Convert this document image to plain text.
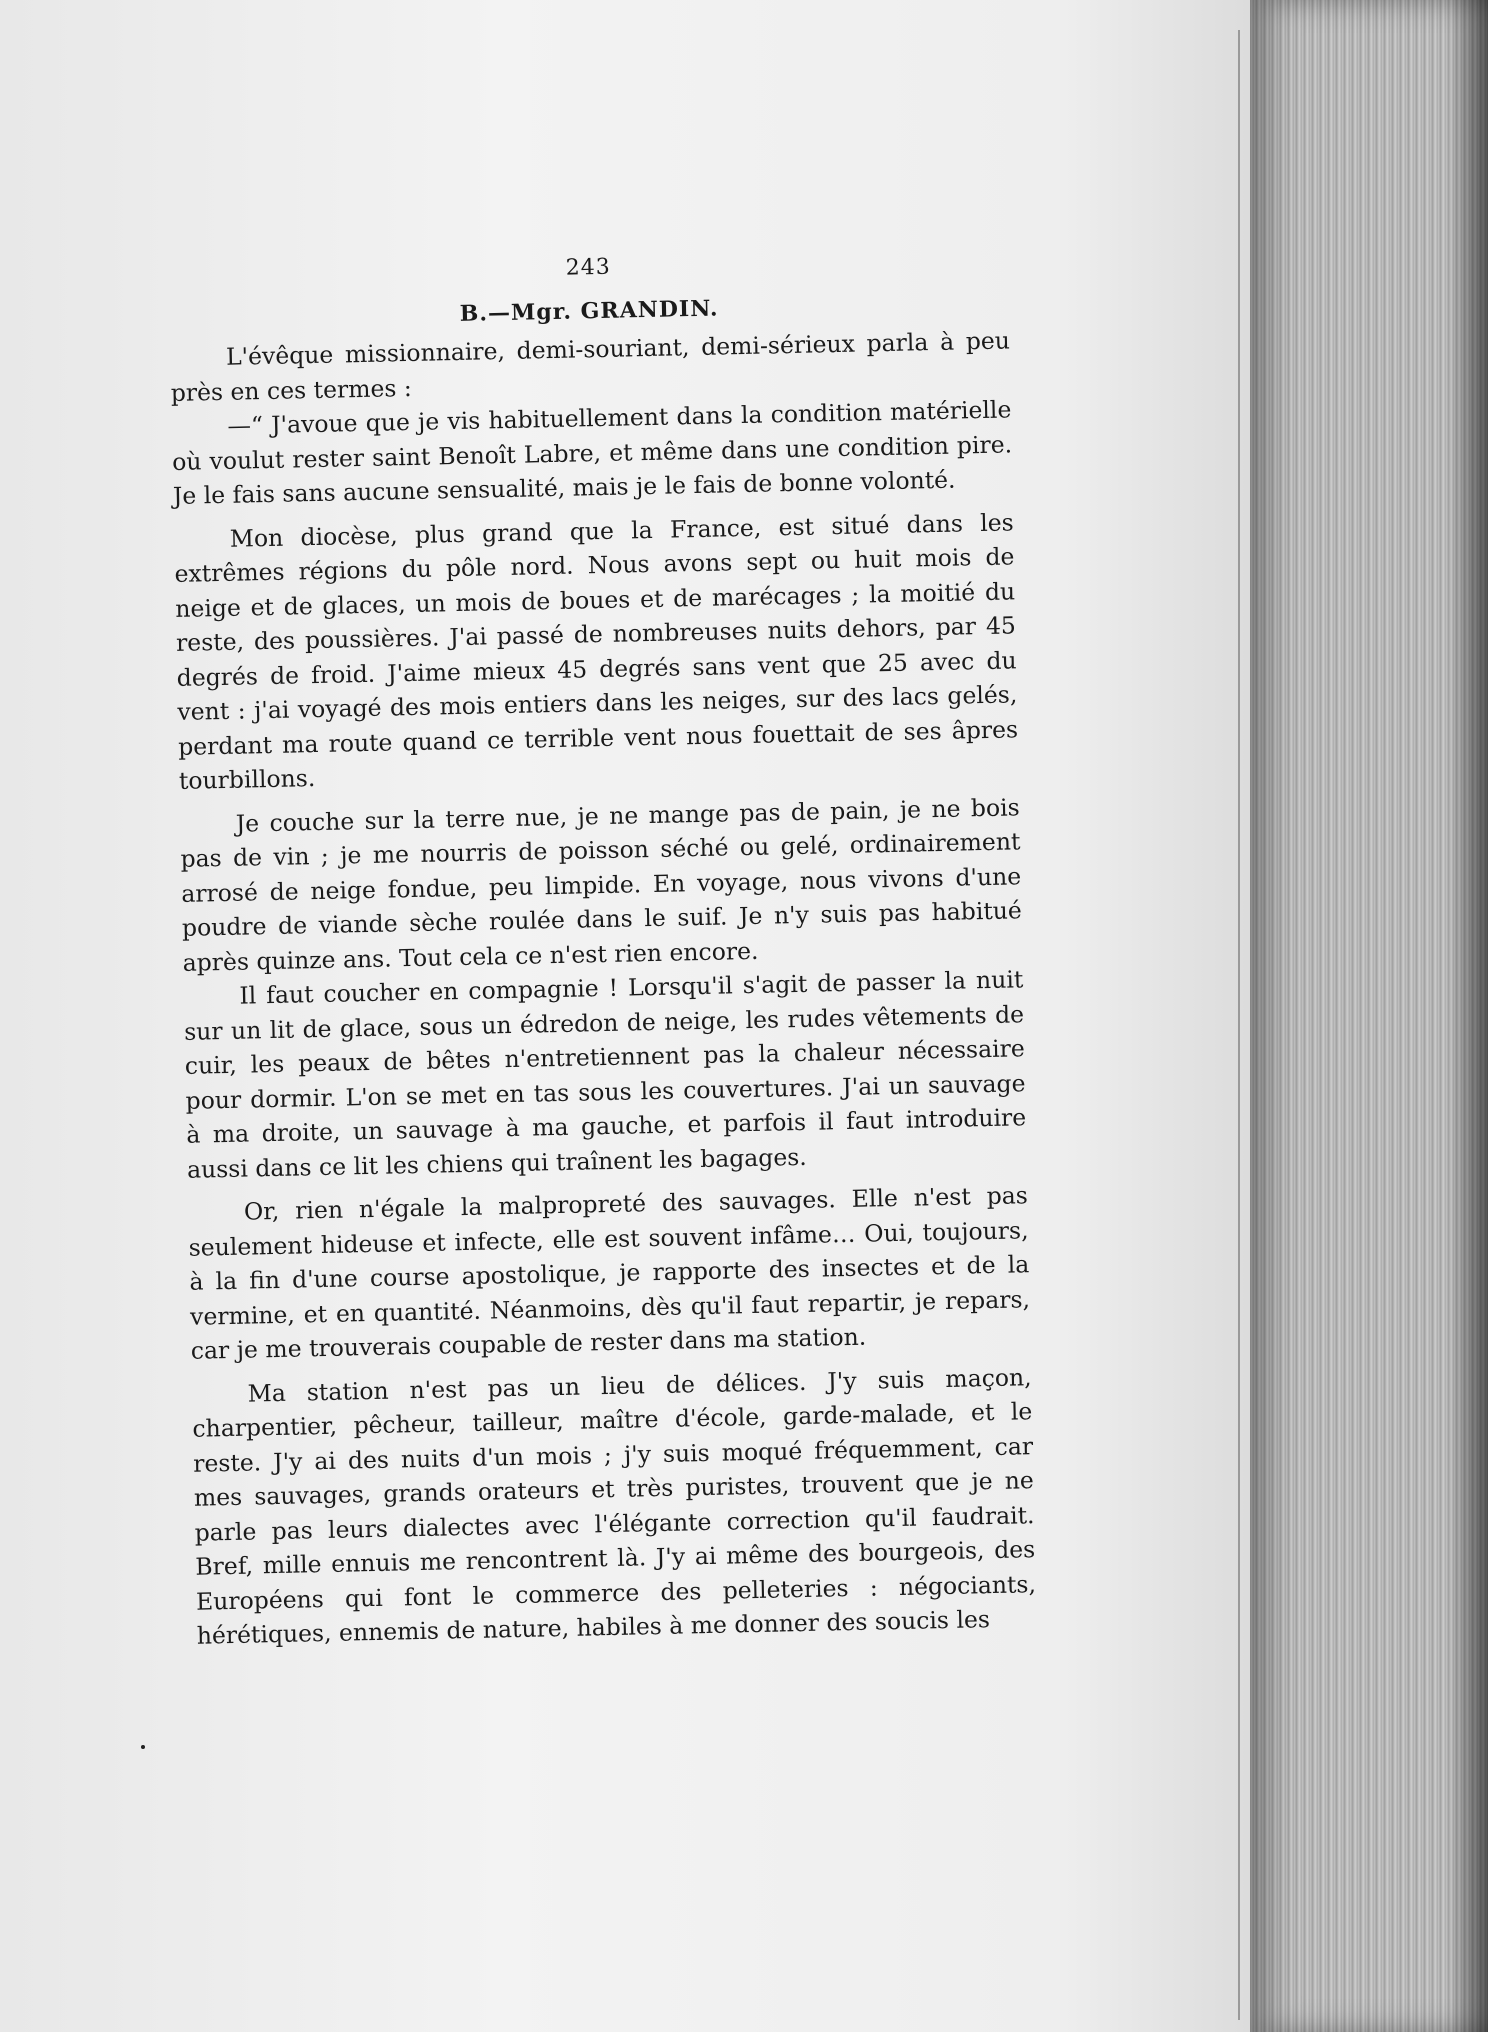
243

B.—Mgr. GRANDIN.

L'évêque missionnaire, demi-souriant, demi-sérieux parla à peu près en ces termes :

—“ J'avoue que je vis habituellement dans la condition matérielle où voulut rester saint Benoît Labre, et même dans une condition pire. Je le fais sans aucune sensualité, mais je le fais de bonne volonté.

Mon diocèse, plus grand que la France, est situé dans les extrêmes régions du pôle nord. Nous avons sept ou huit mois de neige et de glaces, un mois de boues et de marécages ; la moitié du reste, des poussières. J'ai passé de nombreuses nuits dehors, par 45 degrés de froid. J'aime mieux 45 degrés sans vent que 25 avec du vent : j'ai voyagé des mois entiers dans les neiges, sur des lacs gelés, perdant ma route quand ce terrible vent nous fouettait de ses âpres tourbillons.

Je couche sur la terre nue, je ne mange pas de pain, je ne bois pas de vin ; je me nourris de poisson séché ou gelé, ordinairement arrosé de neige fondue, peu limpide. En voyage, nous vivons d'une poudre de viande sèche roulée dans le suif. Je n'y suis pas habitué après quinze ans. Tout cela ce n'est rien encore.

Il faut coucher en compagnie ! Lorsqu'il s'agit de passer la nuit sur un lit de glace, sous un édredon de neige, les rudes vêtements de cuir, les peaux de bêtes n'entretiennent pas la chaleur nécessaire pour dormir. L'on se met en tas sous les couvertures. J'ai un sauvage à ma droite, un sauvage à ma gauche, et parfois il faut introduire aussi dans ce lit les chiens qui traînent les bagages.

Or, rien n'égale la malpropreté des sauvages. Elle n'est pas seulement hideuse et infecte, elle est souvent infâme… Oui, toujours, à la fin d'une course apostolique, je rapporte des insectes et de la vermine, et en quantité. Néanmoins, dès qu'il faut repartir, je repars, car je me trouverais coupable de rester dans ma station.

Ma station n'est pas un lieu de délices. J'y suis maçon, charpentier, pêcheur, tailleur, maître d'école, garde-malade, et le reste. J'y ai des nuits d'un mois ; j'y suis moqué fréquemment, car mes sauvages, grands orateurs et très puristes, trouvent que je ne parle pas leurs dialectes avec l'élégante correction qu'il faudrait. Bref, mille ennuis me rencontrent là. J'y ai même des bourgeois, des Européens qui font le commerce des pelleteries : négociants, hérétiques, ennemis de nature, habiles à me donner des soucis les
